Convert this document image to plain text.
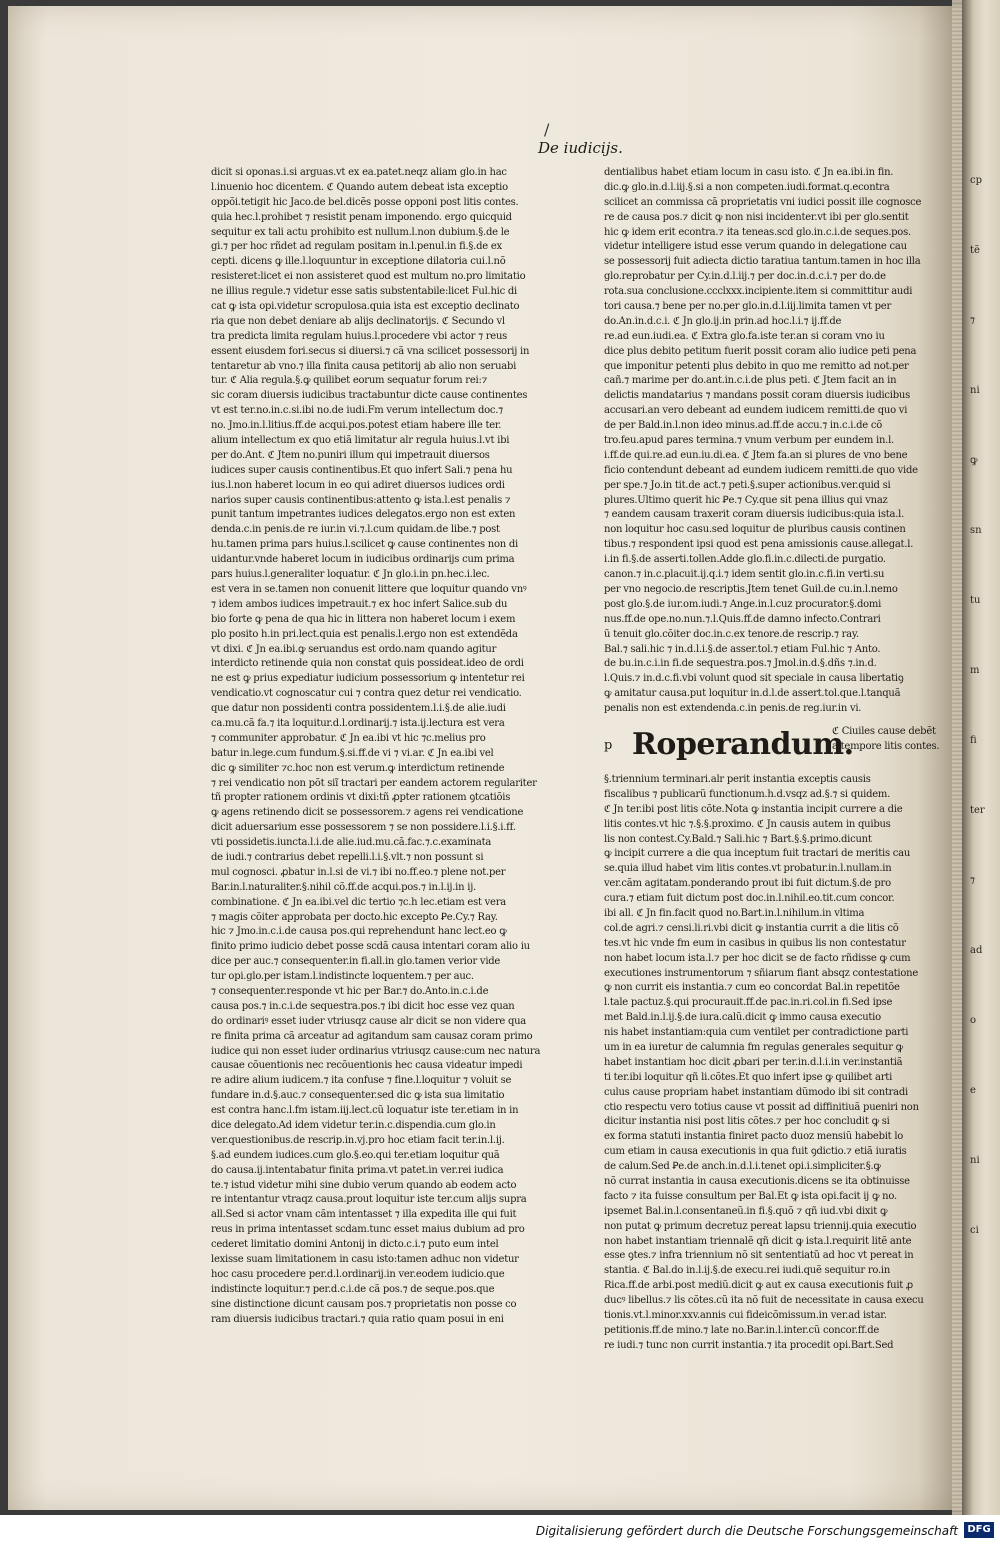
/
De iudicijs.
dicit si oponas.i.si arguas.vt ex ea.patet.neqz aliam glo.in hac
l.inuenio hoc dicentem. ℭ Quando autem debeat ista exceptio
oppõi.tetigit hic Jaco.de bel.dicẽs posse opponi post litis contes.
quia hec.l.prohibet ⁊ resistit penam imponendo. ergo quicquid
sequitur ex tali actu prohibito est nullum.l.non dubium.§.de le
gi.⁊ per hoc rñdet ad regulam positam in.l.penul.in fi.§.de ex
cepti. dicens ꝙ ille.l.loquuntur in exceptione dilatoria cui.l.nõ
resisteret:licet ei non assisteret quod est multum no.pro limitatio
ne illius regule.⁊ videtur esse satis substentabile:licet Ful.hic di
cat ꝙ ista opi.videtur scropulosa.quia ista est exceptio declinato
ria que non debet deniare ab alijs declinatorijs. ℭ Secundo vl
tra predicta limita regulam huius.l.procedere vbi actor ⁊ reus
essent eiusdem fori.secus si diuersi.⁊ cã vna scilicet possessorij in
tentaretur ab vno.⁊ illa finita causa petitorij ab alio non seruabi
tur. ℭ Alia regula.§.ꝙ quilibet eorum sequatur forum rei:⁊
sic coram diuersis iudicibus tractabuntur dicte cause continentes
vt est ter.no.in.c.si.ibi no.de iudi.Fm verum intellectum doc.⁊
no. Jmo.in.l.litius.ff.de acqui.pos.potest etiam habere ille ter.
alium intellectum ex quo etiã limitatur alr regula huius.l.vt ibi
per do.Ant. ℭ Jtem no.puniri illum qui impetrauit diuersos
iudices super causis continentibus.Et quo infert Sali.⁊ pena hu
ius.l.non haberet locum in eo qui adiret diuersos iudices ordi
narios super causis continentibus:attento ꝙ ista.l.est penalis ⁊
punit tantum impetrantes iudices delegatos.ergo non est exten
denda.c.in penis.de re iur.in vi.⁊.l.cum quidam.de libe.⁊ post
hu.tamen prima pars huius.l.scilicet ꝙ cause continentes non di
uidantur.vnde haberet locum in iudicibus ordinarijs cum prima
pars huius.l.generaliter loquatur. ℭ Jn glo.i.in pn.hec.i.lec.
est vera in se.tamen non conuenit littere que loquitur quando vnꝰ
⁊ idem ambos iudices impetrauit.⁊ ex hoc infert Salice.sub du
bio forte ꝙ pena de qua hic in littera non haberet locum i exem
plo posito h.in pri.lect.quia est penalis.l.ergo non est extendẽda
vt dixi. ℭ Jn ea.ibi.ꝙ seruandus est ordo.nam quando agitur
interdicto retinende quia non constat quis possideat.ideo de ordi
ne est ꝙ prius expediatur iudicium possessorium ꝙ intentetur rei
vendicatio.vt cognoscatur cui ⁊ contra quez detur rei vendicatio.
que datur non possidenti contra possidentem.l.i.§.de alie.iudi
ca.mu.cã fa.⁊ ita loquitur.d.l.ordinarij.⁊ ista.ij.lectura est vera
⁊ communiter approbatur. ℭ Jn ea.ibi vt hic ⁊c.melius pro
batur in.lege.cum fundum.§.si.ff.de vi ⁊ vi.ar. ℭ Jn ea.ibi vel
dic ꝙ similiter ⁊c.hoc non est verum.ꝙ interdictum retinende
⁊ rei vendicatio non põt siĩ tractari per eandem actorem regulariter
tñ propter rationem ordinis vt dixi:tñ ꝓpter rationem ꝯtcatiõis
ꝙ agens retinendo dicit se possessorem.⁊ agens rei vendicatione
dicit aduersarium esse possessorem ⁊ se non possidere.l.i.§.i.ff.
vti possidetis.iuncta.l.i.de alie.iud.mu.cã.fac.⁊.c.examinata
de iudi.⁊ contrarius debet repelli.l.i.§.vlt.⁊ non possunt si
mul cognosci. ꝓbatur in.l.si de vi.⁊ ibi no.ff.eo.⁊ plene not.per
Bar.in.l.naturaliter.§.nihil cõ.ff.de acqui.pos.⁊ in.l.ij.in ij.
combinatione. ℭ Jn ea.ibi.vel dic tertio ⁊c.h lec.etiam est vera
⁊ magis cõiter approbata per docto.hic excepto Ꝑe.Cy.⁊ Ray.
hic ⁊ Jmo.in.c.i.de causa pos.qui reprehendunt hanc lect.eo ꝙ
finito primo iudicio debet posse scdã causa intentari coram alio iu
dice per auc.⁊ consequenter.in fi.all.in glo.tamen verior vide
tur opi.glo.per istam.l.indistincte loquentem.⁊ per auc.
⁊ consequenter.responde vt hic per Bar.⁊ do.Anto.in.c.i.de
causa pos.⁊ in.c.i.de sequestra.pos.⁊ ibi dicit hoc esse vez quan
do ordinariꝰ esset iuder vtriusqz cause alr dicit se non videre qua
re finita prima cã arceatur ad agitandum sam causaz coram primo
iudice qui non esset iuder ordinarius vtriusqz cause:cum nec natura
causae cõuentionis nec recõuentionis hec causa videatur impedi
re adire alium iudicem.⁊ ita confuse ⁊ fine.l.loquitur ⁊ voluit se
fundare in.d.§.auc.⁊ consequenter.sed dic ꝙ ista sua limitatio
est contra hanc.l.fm istam.iij.lect.cũ loquatur iste ter.etiam in in
dice delegato.Ad idem videtur ter.in.c.dispendia.cum glo.in
ver.questionibus.de rescrip.in.vj.pro hoc etiam facit ter.in.l.ij.
§.ad eundem iudices.cum glo.§.eo.qui ter.etiam loquitur quã
do causa.ij.intentabatur finita prima.vt patet.in ver.rei iudica
te.⁊ istud videtur mihi sine dubio verum quando ab eodem acto
re intentantur vtraqz causa.prout loquitur iste ter.cum alijs supra
all.Sed si actor vnam cãm intentasset ⁊ illa expedita ille qui fuit
reus in prima intentasset scdam.tunc esset maius dubium ad pro
cederet limitatio domini Antonij in dicto.c.i.⁊ puto eum intel
lexisse suam limitationem in casu isto:tamen adhuc non videtur
hoc casu procedere per.d.l.ordinarij.in ver.eodem iudicio.que
indistincte loquitur.⁊ per.d.c.i.de cã pos.⁊ de seque.pos.que
sine distinctione dicunt causam pos.⁊ proprietatis non posse co
ram diuersis iudicibus tractari.⁊ quia ratio quam posui in eni
dentialibus habet etiam locum in casu isto. ℭ Jn ea.ibi.in fin.
dic.ꝙ glo.in.d.l.iij.§.si a non competen.iudi.format.q.econtra
scilicet an commissa cã proprietatis vni iudici possit ille cognosce
re de causa pos.⁊ dicit ꝙ non nisi incidenter.vt ibi per glo.sentit
hic ꝙ idem erit econtra.⁊ ita teneas.scd glo.in.c.i.de seques.pos.
videtur intelligere istud esse verum quando in delegatione cau
se possessorij fuit adiecta dictio taratiua tantum.tamen in hoc illa
glo.reprobatur per Cy.in.d.l.iij.⁊ per doc.in.d.c.i.⁊ per do.de
rota.sua conclusione.ccclxxx.incipiente.item si committitur audi
tori causa.⁊ bene per no.per glo.in.d.l.iij.limita tamen vt per
do.An.in.d.c.i. ℭ Jn glo.ij.in prin.ad hoc.l.i.⁊ ij.ff.de
re.ad eun.iudi.ea. ℭ Extra glo.fa.iste ter.an si coram vno iu
dice plus debito petitum fuerit possit coram alio iudice peti pena
que imponitur petenti plus debito in quo me remitto ad not.per
cañ.⁊ marime per do.ant.in.c.i.de plus peti. ℭ Jtem facit an in
delictis mandatarius ⁊ mandans possit coram diuersis iudicibus
accusari.an vero debeant ad eundem iudicem remitti.de quo vi
de per Bald.in.l.non ideo minus.ad.ff.de accu.⁊ in.c.i.de cõ
tro.feu.apud pares termina.⁊ vnum verbum per eundem in.l.
i.ff.de qui.re.ad eun.iu.di.ea. ℭ Jtem fa.an si plures de vno bene
ficio contendunt debeant ad eundem iudicem remitti.de quo vide
per spe.⁊ Jo.in tit.de act.⁊ peti.§.super actionibus.ver.quid si
plures.Ultimo querit hic Ꝑe.⁊ Cy.que sit pena illius qui vnaz
⁊ eandem causam traxerit coram diuersis iudicibus:quia ista.l.
non loquitur hoc casu.sed loquitur de pluribus causis continen
tibus.⁊ respondent ipsi quod est pena amissionis cause.allegat.l.
i.in fi.§.de asserti.tollen.Adde glo.fi.in.c.dilecti.de purgatio.
canon.⁊ in.c.placuit.ij.q.i.⁊ idem sentit glo.in.c.fi.in verti.su
per vno negocio.de rescriptis.Jtem tenet Guil.de cu.in.l.nemo
post glo.§.de iur.om.iudi.⁊ Ange.in.l.cuz procurator.§.domi
nus.ff.de ope.no.nun.⁊.l.Quis.ff.de damno infecto.Contrari
ũ tenuit glo.cõiter doc.in.c.ex tenore.de rescrip.⁊ ray.
Bal.⁊ sali.hic ⁊ in.d.l.i.§.de asser.tol.⁊ etiam Ful.hic ⁊ Anto.
de bu.in.c.i.in fi.de sequestra.pos.⁊ Jmol.in.d.§.dñs ⁊.in.d.
l.Quis.⁊ in.d.c.fi.vbi volunt quod sit speciale in causa libertatiꝯ
ꝙ amitatur causa.put loquitur in.d.l.de assert.tol.que.l.tanquã
penalis non est extendenda.c.in penis.de reg.iur.in vi.
p Roperandum.
ℭ Ciuiles cause debẽt
a tempore litis contes.
§.triennium terminari.alr perit instantia exceptis causis
fiscalibus ⁊ publicarũ functionum.h.d.vsqz ad.§.⁊ si quidem.
ℭ Jn ter.ibi post litis cõte.Nota ꝙ instantia incipit currere a die
litis contes.vt hic ⁊.§.§.proximo. ℭ Jn causis autem in quibus
lis non contest.Cy.Bald.⁊ Sali.hic ⁊ Bart.§.§.primo.dicunt
ꝙ incipit currere a die qua inceptum fuit tractari de meritis cau
se.quia illud habet vim litis contes.vt probatur.in.l.nullam.in
ver.cãm agitatam.ponderando prout ibi fuit dictum.§.de pro
cura.⁊ etiam fuit dictum post doc.in.l.nihil.eo.tit.cum concor.
ibi all. ℭ Jn fin.facit quod no.Bart.in.l.nihilum.in vltima
col.de agri.⁊ censi.li.ri.vbi dicit ꝙ instantia currit a die litis cõ
tes.vt hic vnde fm eum in casibus in quibus lis non contestatur
non habet locum ista.l.⁊ per hoc dicit se de facto rñdisse ꝙ cum
executiones instrumentorum ⁊ sñiarum fiant absqz contestatione
ꝙ non currit eis instantia.⁊ cum eo concordat Bal.in repetitõe
l.tale pactuz.§.qui procurauit.ff.de pac.in.ri.col.in fi.Sed ipse
met Bald.in.l.ij.§.de iura.calũ.dicit ꝙ immo causa executio
nis habet instantiam:quia cum ventilet per contradictione parti
um in ea iuretur de calumnia fm regulas generales sequitur ꝙ
habet instantiam hoc dicit ꝓbari per ter.in.d.l.i.in ver.instantiã
ti ter.ibi loquitur qñ li.cõtes.Et quo infert ipse ꝙ quilibet arti
culus cause propriam habet instantiam dũmodo ibi sit contradi
ctio respectu vero totius cause vt possit ad diffinitiuã pueniri non
dicitur instantia nisi post litis cõtes.⁊ per hoc concludit ꝙ si
ex forma statuti instantia finiret pacto duoz mensiũ habebit lo
cum etiam in causa executionis in qua fuit ꝯdictio.⁊ etiã iuratis
de calum.Sed Ꝑe.de anch.in.d.l.i.tenet opi.i.simpliciter.§.ꝙ
nõ currat instantia in causa executionis.dicens se ita obtinuisse
facto ⁊ ita fuisse consultum per Bal.Et ꝙ ista opi.facit ij ꝙ no.
ipsemet Bal.in.l.consentaneũ.in fi.§.quõ ⁊ qñ iud.vbi dixit ꝙ
non putat ꝙ primum decretuz pereat lapsu triennij.quia executio
non habet instantiam triennalẽ qñ dicit ꝙ ista.l.requirit litẽ ante
esse ꝯtes.⁊ infra triennium nõ sit sententiatũ ad hoc vt pereat in
stantia. ℭ Bal.do in.l.ij.§.de execu.rei iudi.quẽ sequitur ro.in
Rica.ff.de arbi.post mediũ.dicit ꝙ aut ex causa executionis fuit ꝓ
ducꝰ libellus.⁊ lis cõtes.cũ ita nõ fuit de necessitate in causa execu
tionis.vt.l.minor.xxv.annis cui fideicõmissum.in ver.ad istar.
petitionis.ff.de mino.⁊ late no.Bar.in.l.inter.cũ concor.ff.de
re iudi.⁊ tunc non currit instantia.⁊ ita procedit opi.Bart.Sed
cp
tẽ
⁊
ni
ꝙ
sn
tu
m
fi
ter
⁊
ad
o
e
ni
ci
Digitalisierung gefördert durch die Deutsche Forschungsgemeinschaft DFG
